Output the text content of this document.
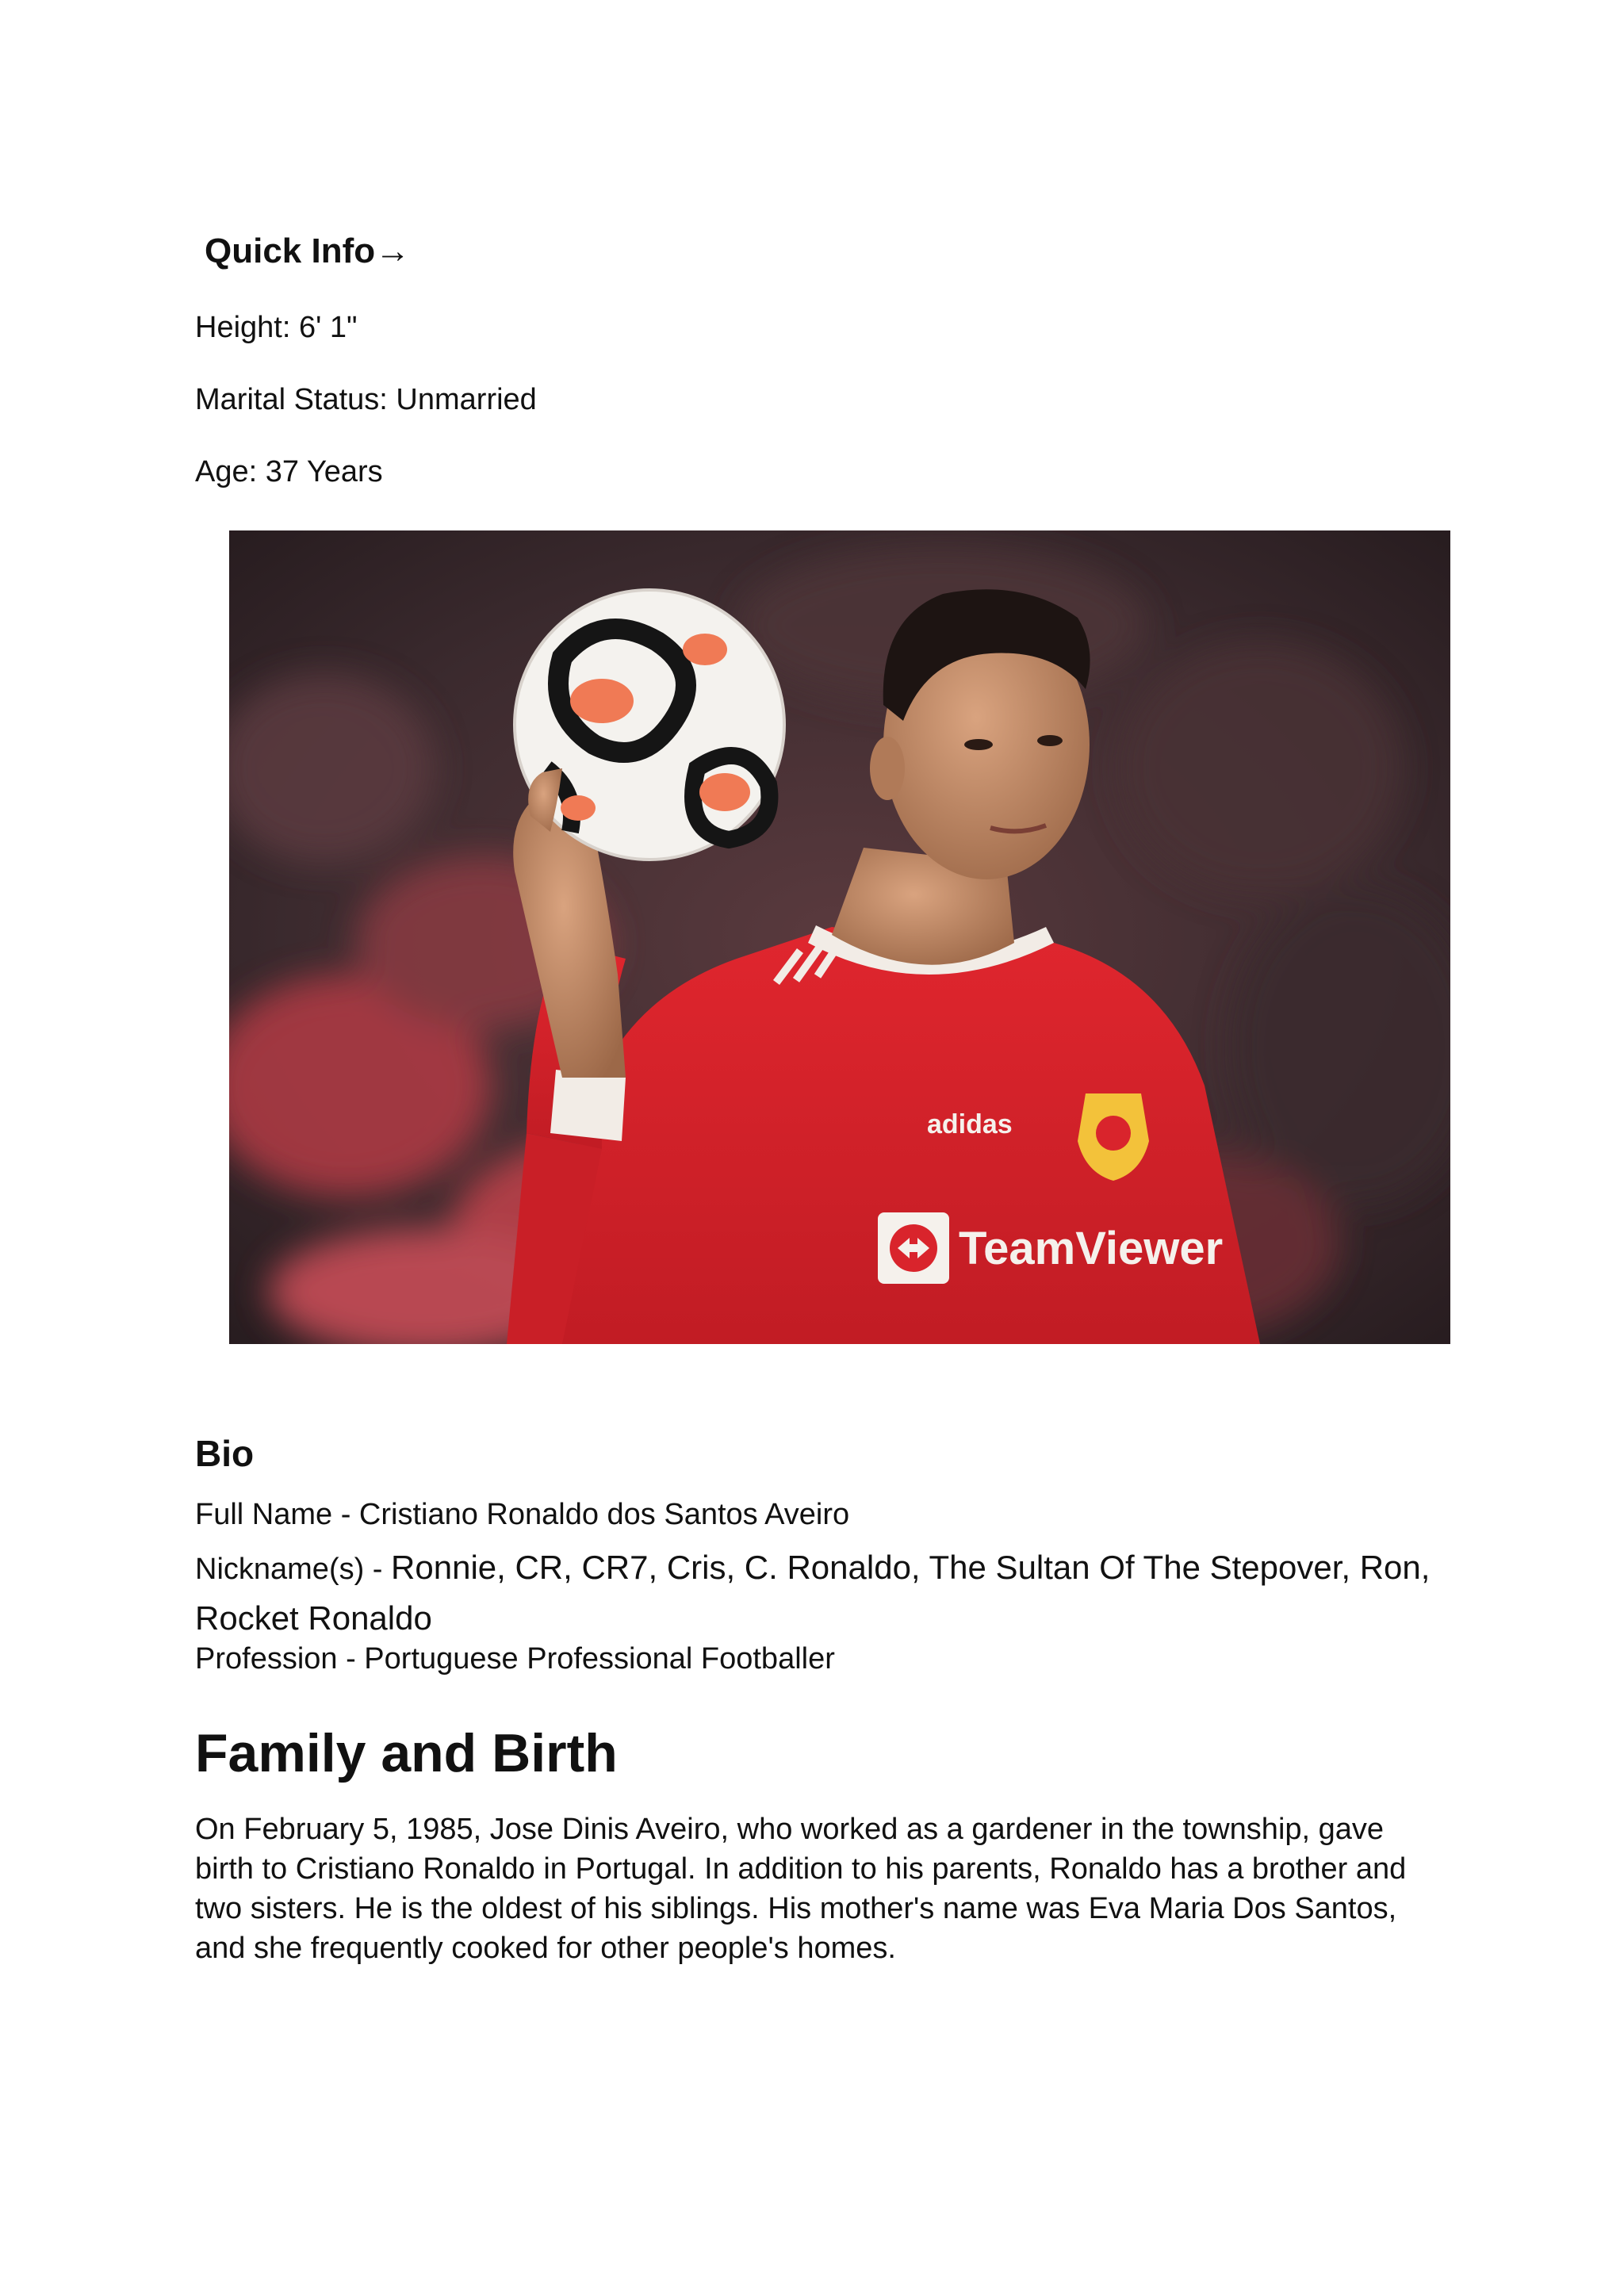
Quick Info→

Height: 6' 1"

Marital Status: Unmarried

Age: 37 Years

adidas
TeamViewer
Bio

Full Name - Cristiano Ronaldo dos Santos Aveiro

Nickname(s) - Ronnie, CR, CR7, Cris, C. Ronaldo, The Sultan Of The Stepover, Ron, Rocket Ronaldo

Profession - Portuguese Professional Footballer

Family and Birth

On February 5, 1985, Jose Dinis Aveiro, who worked as a gardener in the township, gave birth to Cristiano Ronaldo in Portugal. In addition to his parents, Ronaldo has a brother and two sisters. He is the oldest of his siblings. His mother's name was Eva Maria Dos Santos, and she frequently cooked for other people's homes.
